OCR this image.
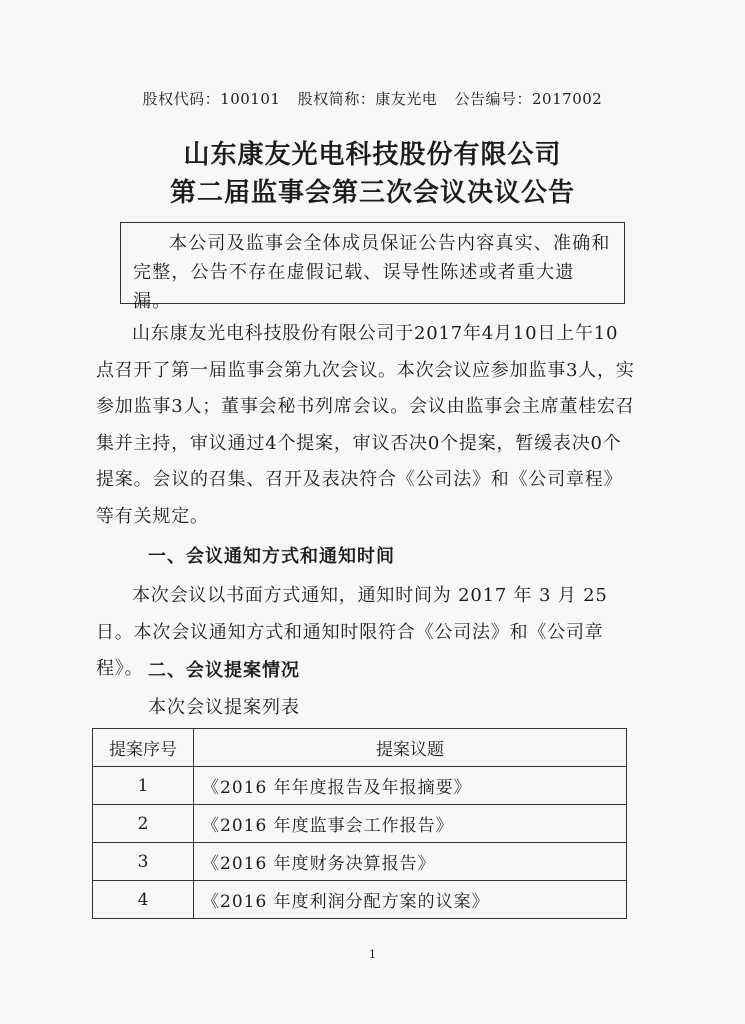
股权代码：100101 股权简称：康友光电 公告编号：2017002
山东康友光电科技股份有限公司
第二届监事会第三次会议决议公告

本公司及监事会全体成员保证公告内容真实、准确和完整，公告不存在虚假记载、误导性陈述或者重大遗漏。

山东康友光电科技股份有限公司于2017年4月10日上午10点召开了第一届监事会第九次会议。本次会议应参加监事3人，实参加监事3人；董事会秘书列席会议。会议由监事会主席董桂宏召集并主持，审议通过4个提案，审议否决0个提案，暂缓表决0个提案。会议的召集、召开及表决符合《公司法》和《公司章程》等有关规定。

一、会议通知方式和通知时间

本次会议以书面方式通知，通知时间为 2017 年 3 月 25 日。本次会议通知方式和通知时限符合《公司法》和《公司章程》。 二、会议提案情况
本次会议提案列表
提案序号	提案议题
1	《2016 年年度报告及年报摘要》
2	《2016 年度监事会工作报告》
3	《2016 年度财务决算报告》
4	《2016 年度利润分配方案的议案》
1
